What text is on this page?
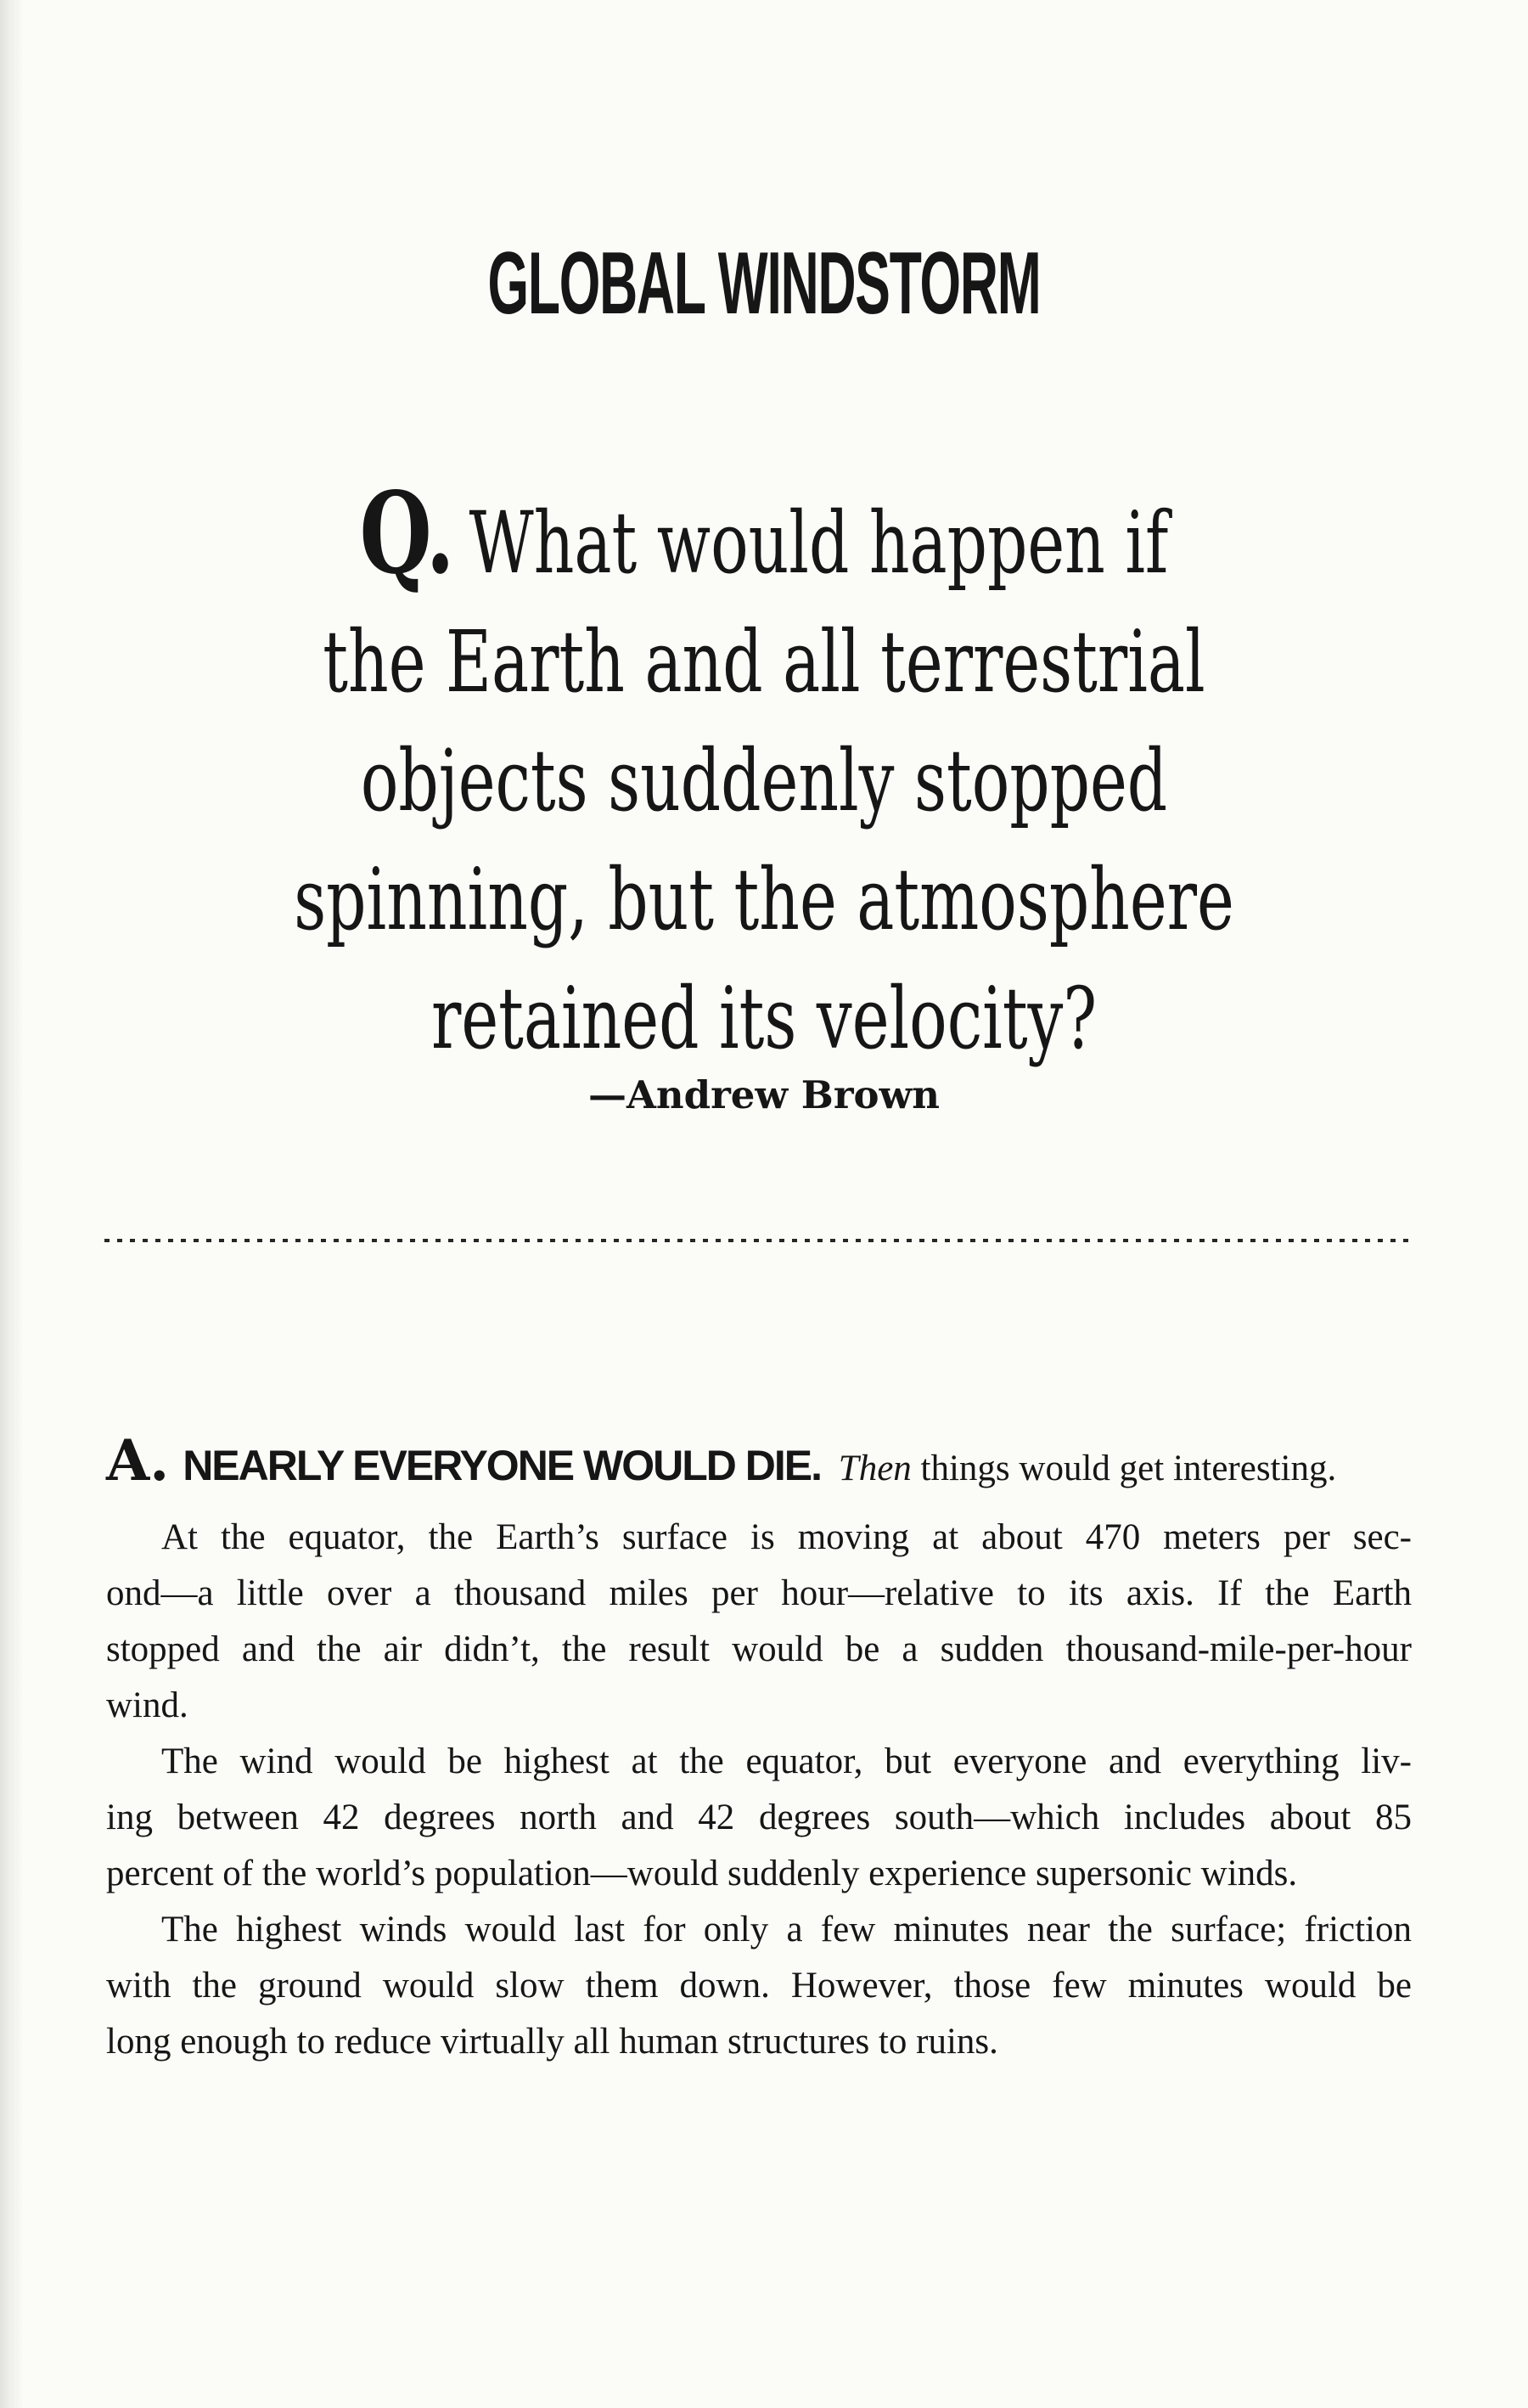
GLOBAL WINDSTORM
Q. What would happen if
the Earth and all terrestrial
objects suddenly stopped
spinning, but the atmosphere
retained its velocity?
—Andrew Brown
A. NEARLY EVERYONE WOULD DIE. Then things would get interesting.
At the equator, the Earth’s surface is moving at about 470 meters per sec-
ond—a little over a thousand miles per hour—relative to its axis. If the Earth
stopped and the air didn’t, the result would be a sudden thousand-mile-per-hour
wind.
The wind would be highest at the equator, but everyone and everything liv-
ing between 42 degrees north and 42 degrees south—which includes about 85
percent of the world’s population—would suddenly experience supersonic winds.
The highest winds would last for only a few minutes near the surface; friction
with the ground would slow them down. However, those few minutes would be
long enough to reduce virtually all human structures to ruins.
